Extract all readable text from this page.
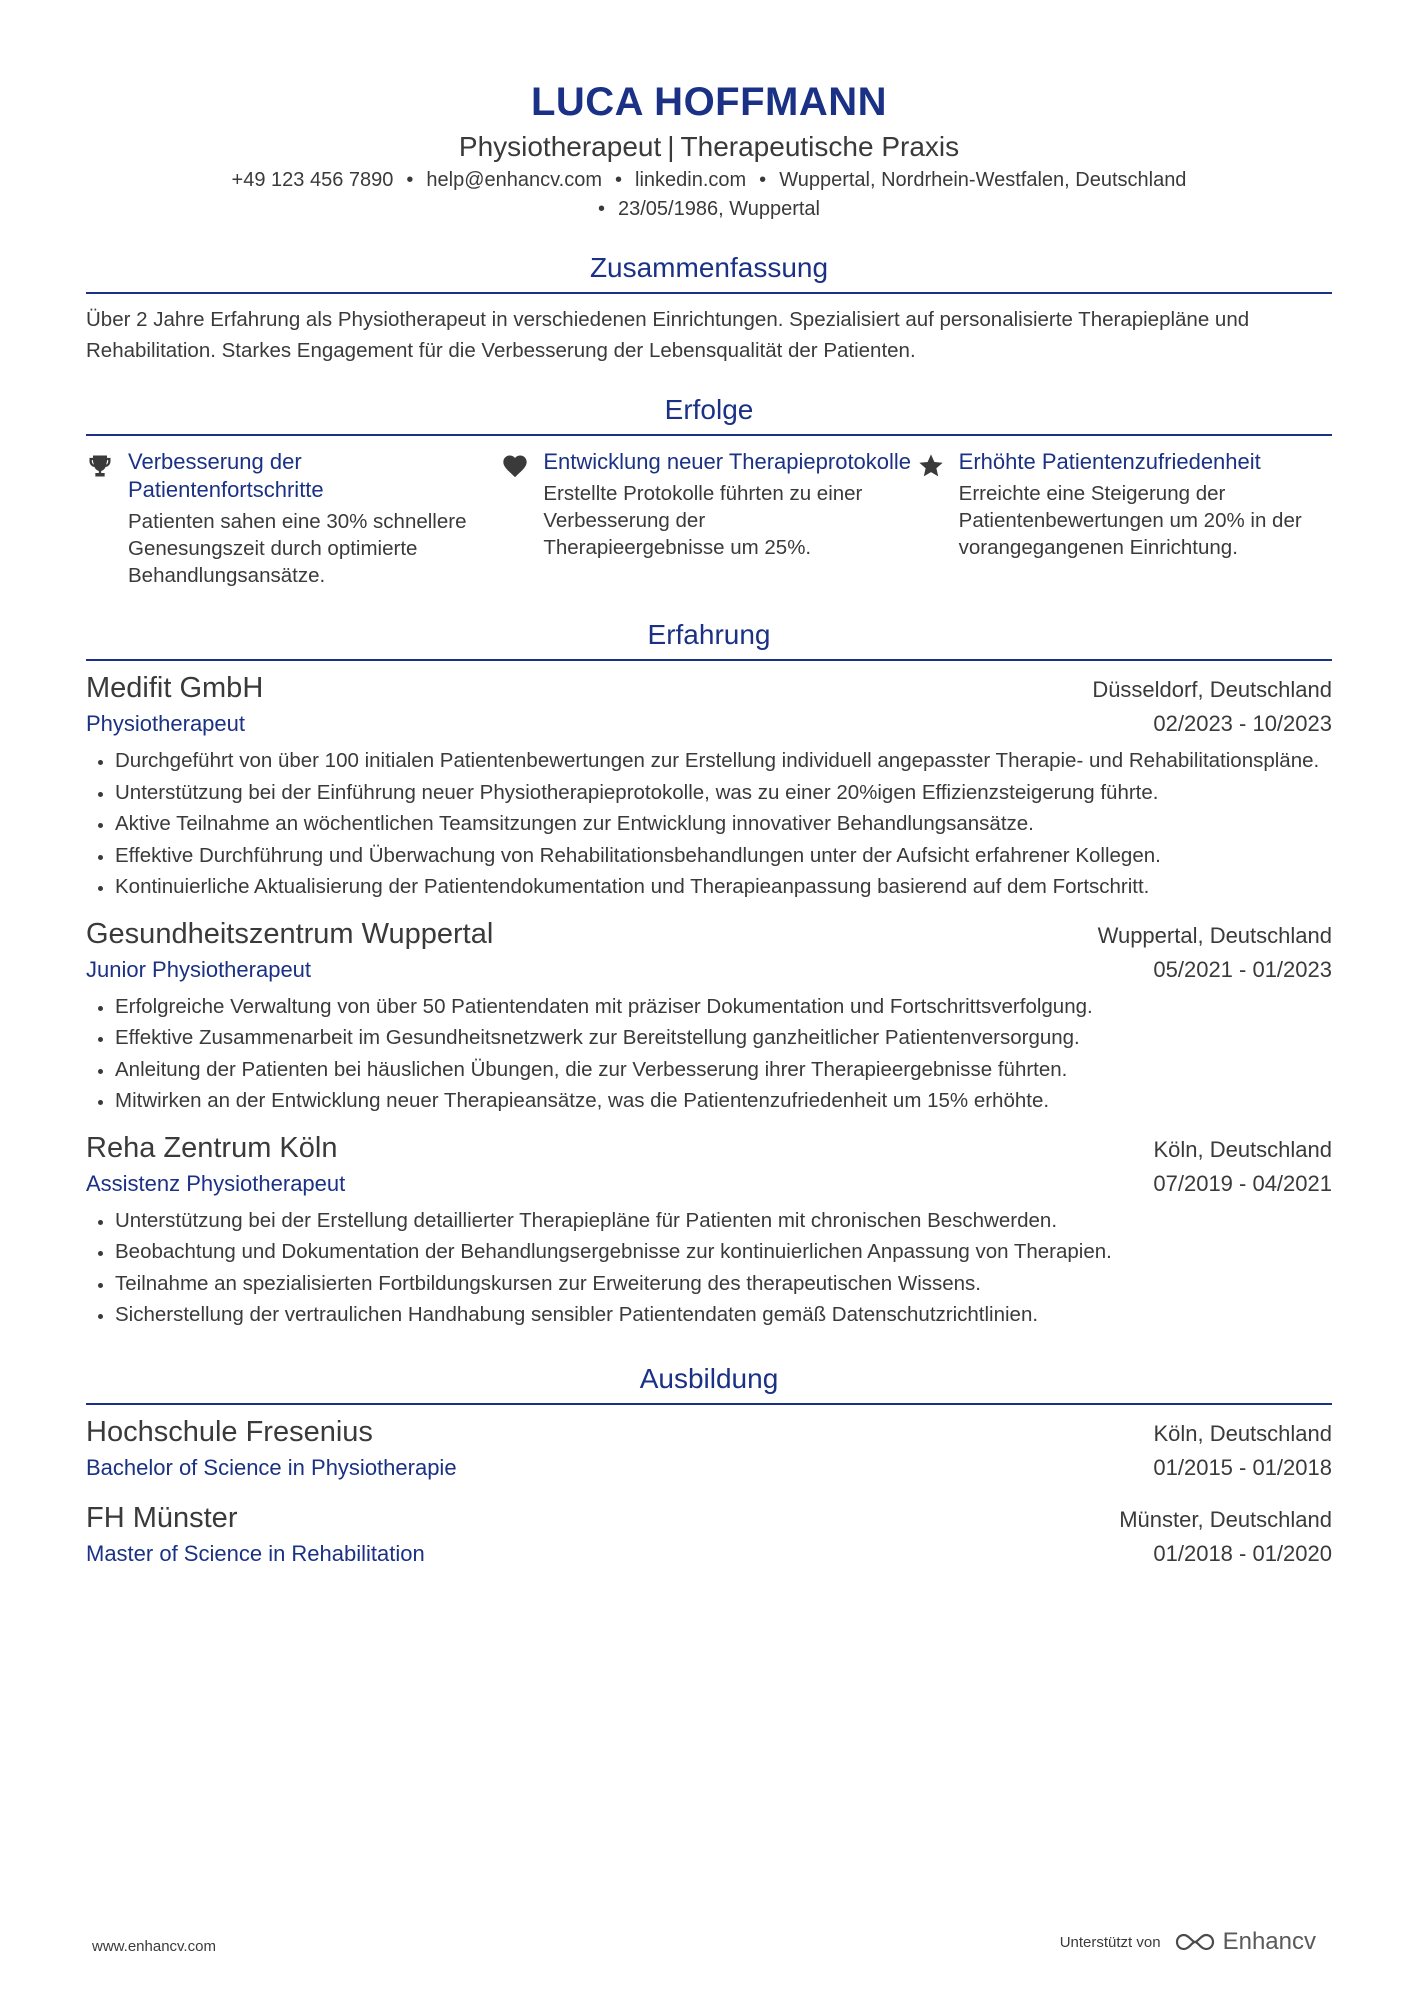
LUCA HOFFMANN
Physiotherapeut | Therapeutische Praxis
+49 123 456 7890 • help@enhancv.com • linkedin.com • Wuppertal, Nordrhein-Westfalen, Deutschland
• 23/05/1986, Wuppertal
Zusammenfassung
Über 2 Jahre Erfahrung als Physiotherapeut in verschiedenen Einrichtungen. Spezialisiert auf personalisierte Therapiepläne und Rehabilitation. Starkes Engagement für die Verbesserung der Lebensqualität der Patienten.
Erfolge
Verbesserung der Patientenfortschritte
Patienten sahen eine 30% schnellere Genesungszeit durch optimierte Behandlungsansätze.
Entwicklung neuer Therapieprotokolle
Erstellte Protokolle führten zu einer Verbesserung der Therapieergebnisse um 25%.
Erhöhte Patientenzufriedenheit
Erreichte eine Steigerung der Patientenbewertungen um 20% in der vorangegangenen Einrichtung.
Erfahrung
Medifit GmbH	Düsseldorf, Deutschland
Physiotherapeut	02/2023 - 10/2023
• Durchgeführt von über 100 initialen Patientenbewertungen zur Erstellung individuell angepasster Therapie- und Rehabilitationspläne.
• Unterstützung bei der Einführung neuer Physiotherapieprotokolle, was zu einer 20%igen Effizienzsteigerung führte.
• Aktive Teilnahme an wöchentlichen Teamsitzungen zur Entwicklung innovativer Behandlungsansätze.
• Effektive Durchführung und Überwachung von Rehabilitationsbehandlungen unter der Aufsicht erfahrener Kollegen.
• Kontinuierliche Aktualisierung der Patientendokumentation und Therapieanpassung basierend auf dem Fortschritt.
Gesundheitszentrum Wuppertal	Wuppertal, Deutschland
Junior Physiotherapeut	05/2021 - 01/2023
• Erfolgreiche Verwaltung von über 50 Patientendaten mit präziser Dokumentation und Fortschrittsverfolgung.
• Effektive Zusammenarbeit im Gesundheitsnetzwerk zur Bereitstellung ganzheitlicher Patientenversorgung.
• Anleitung der Patienten bei häuslichen Übungen, die zur Verbesserung ihrer Therapieergebnisse führten.
• Mitwirken an der Entwicklung neuer Therapieansätze, was die Patientenzufriedenheit um 15% erhöhte.
Reha Zentrum Köln	Köln, Deutschland
Assistenz Physiotherapeut	07/2019 - 04/2021
• Unterstützung bei der Erstellung detaillierter Therapiepläne für Patienten mit chronischen Beschwerden.
• Beobachtung und Dokumentation der Behandlungsergebnisse zur kontinuierlichen Anpassung von Therapien.
• Teilnahme an spezialisierten Fortbildungskursen zur Erweiterung des therapeutischen Wissens.
• Sicherstellung der vertraulichen Handhabung sensibler Patientendaten gemäß Datenschutzrichtlinien.
Ausbildung
Hochschule Fresenius	Köln, Deutschland
Bachelor of Science in Physiotherapie	01/2015 - 01/2018
FH Münster	Münster, Deutschland
Master of Science in Rehabilitation	01/2018 - 01/2020
www.enhancv.com	Unterstützt von	Enhancv
